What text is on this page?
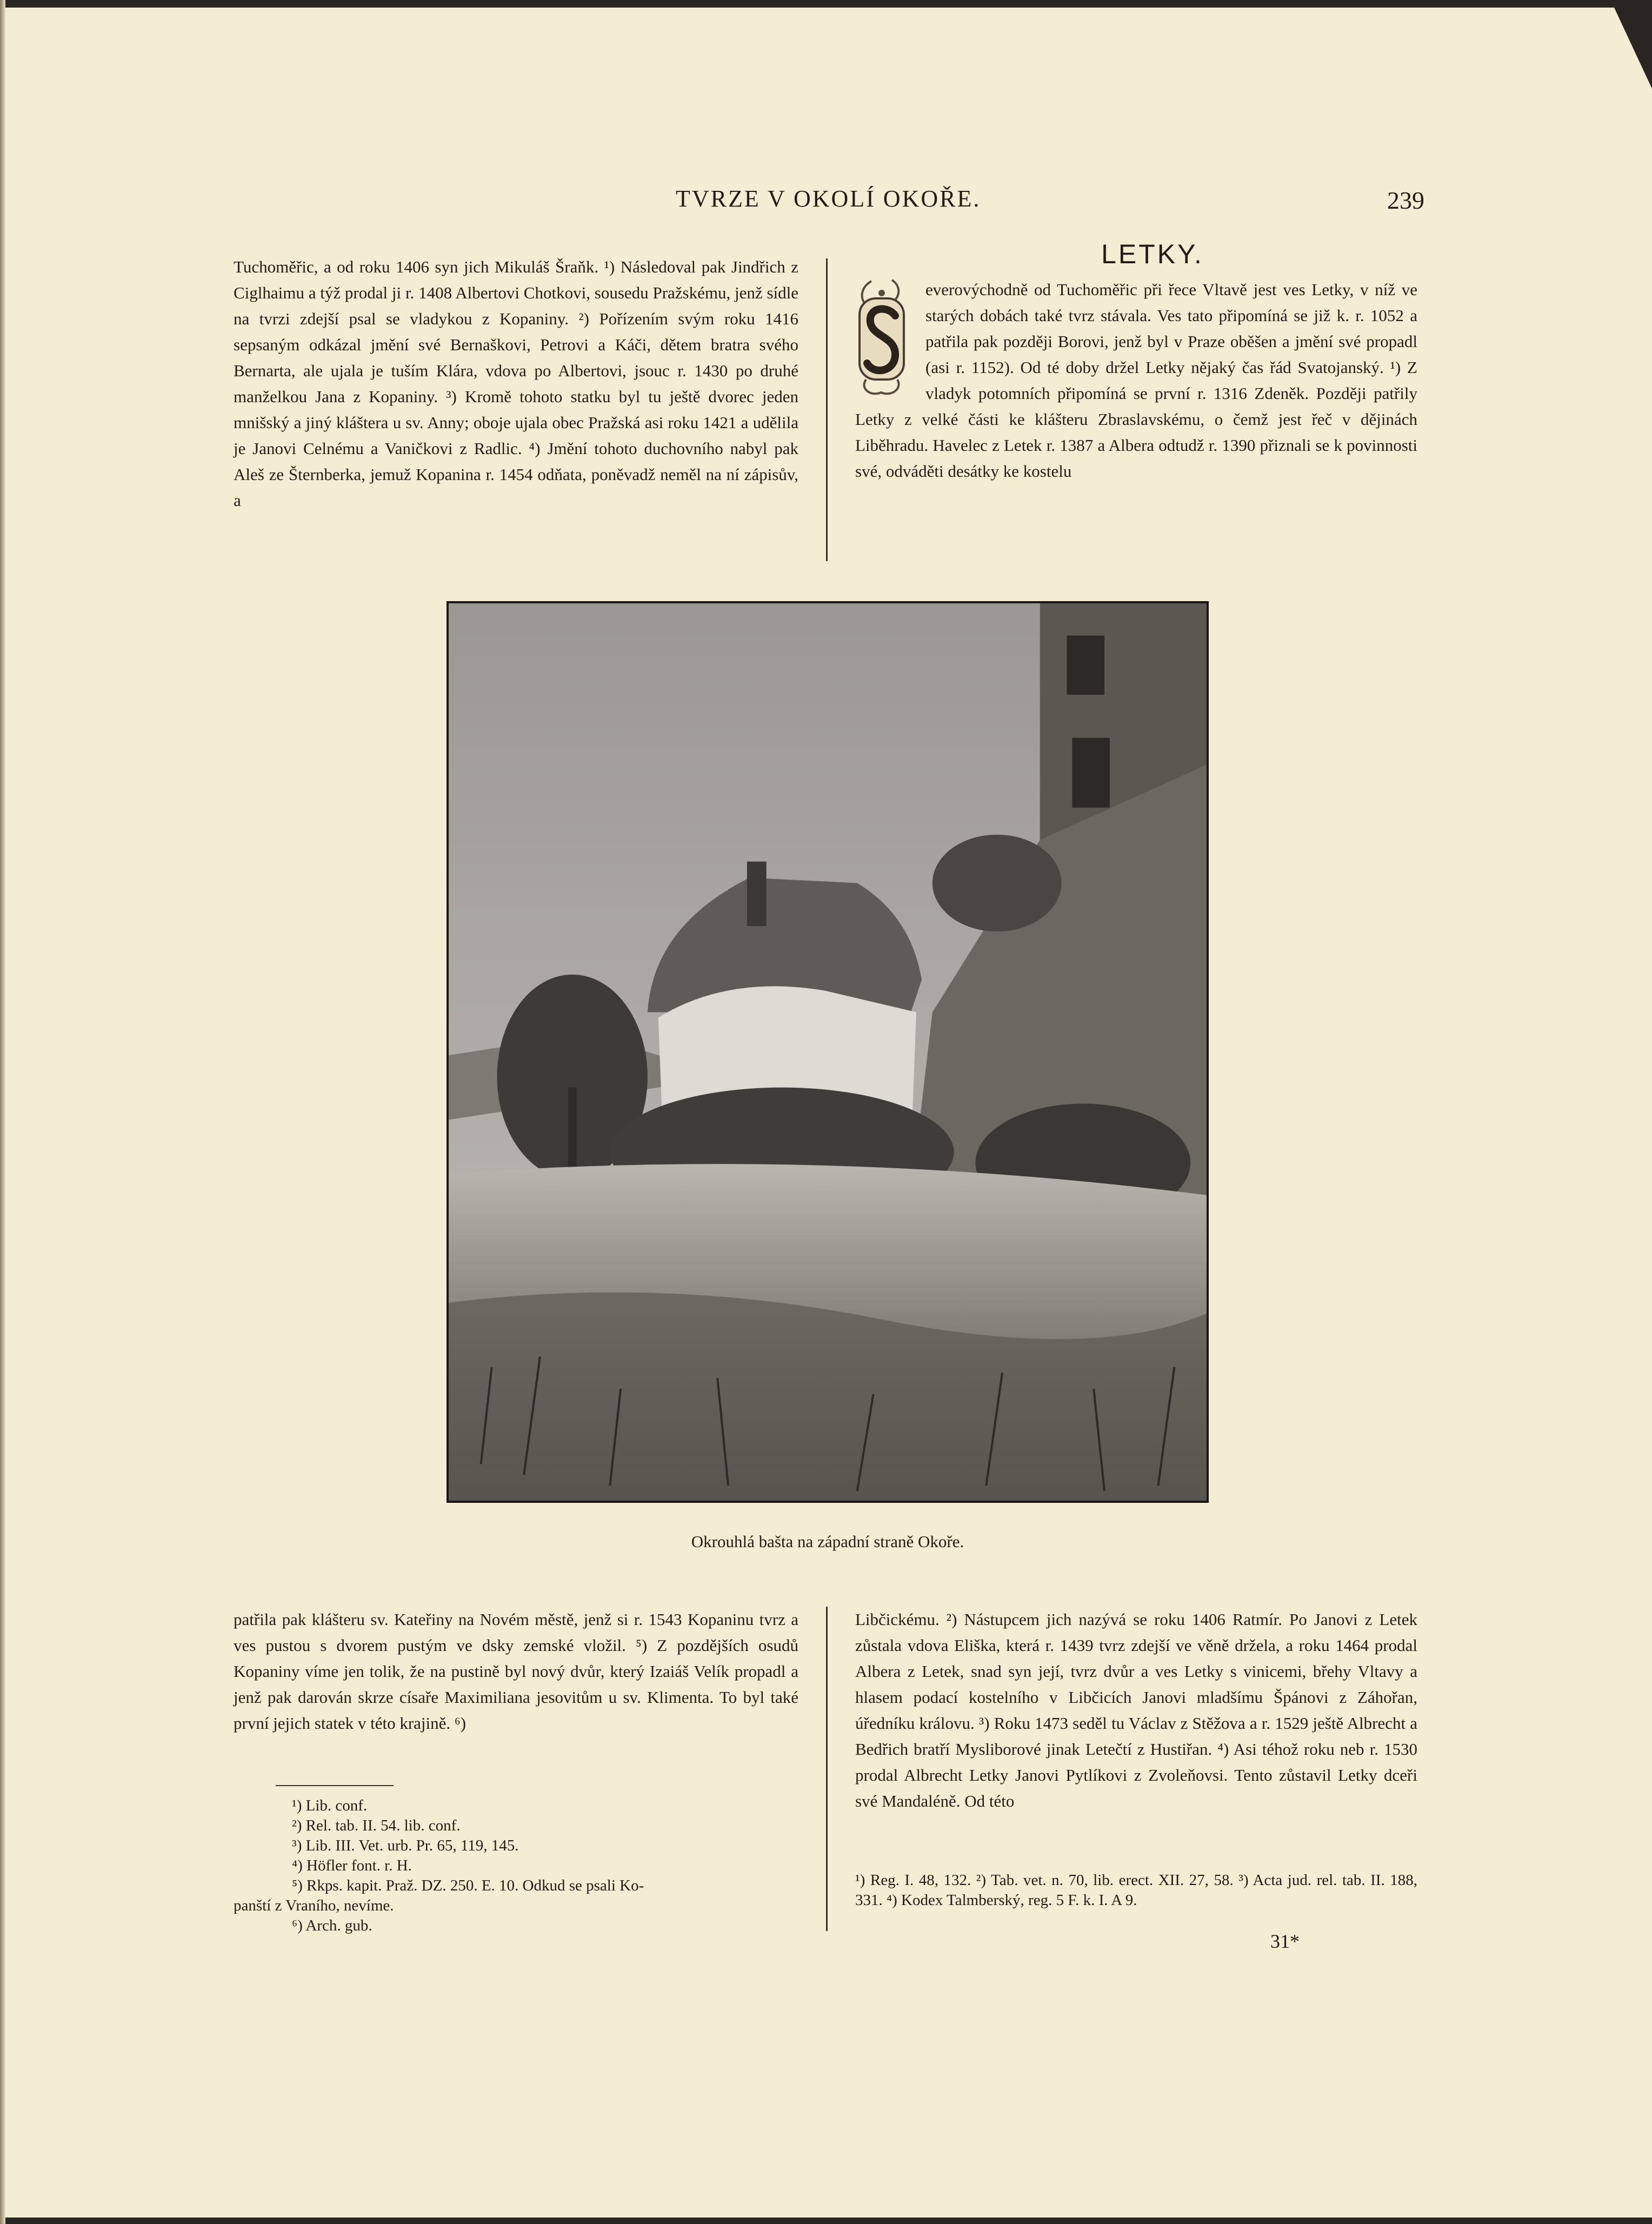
TVRZE V OKOLÍ OKOŘE.	239

Tuchoměřic, a od roku 1406 syn jich Mikuláš Šraňk. ¹) Následoval pak Jindřich z Ciglhaimu a týž prodal ji r. 1408 Albertovi Chotkovi, sousedu Pražskému, jenž sídle na tvrzi zdejší psal se vladykou z Kopaniny. ²) Pořízením svým roku 1416 sepsaným odkázal jmění své Bernaškovi, Petrovi a Káči, dětem bratra svého Bernarta, ale ujala je tuším Klára, vdova po Albertovi, jsouc r. 1430 po druhé manželkou Jana z Kopaniny. ³) Kromě tohoto statku byl tu ještě dvorec jeden mnišský a jiný kláštera u sv. Anny; oboje ujala obec Pražská asi roku 1421 a udělila je Janovi Celnému a Vaničkovi z Radlic. ⁴) Jmění tohoto duchovního nabyl pak Aleš ze Šternberka, jemuž Kopanina r. 1454 odňata, poněvadž neměl na ní zápisův, a

LETKY.

everovýchodně od Tuchoměřic při řece Vltavě jest ves Letky, v níž ve starých dobách také tvrz stávala. Ves tato připomíná se již k. r. 1052 a patřila pak později Borovi, jenž byl v Praze oběšen a jmění své propadl (asi r. 1152). Od té doby držel Letky nějaký čas řád Svatojanský. ¹) Z vladyk potomních připomíná se první r. 1316 Zdeněk. Později patřily Letky z velké části ke klášteru Zbraslavskému, o čemž jest řeč v dějinách Liběhradu. Havelec z Letek r. 1387 a Albera odtudž r. 1390 přiznali se k povinnosti své, odváděti desátky ke kostelu

Okrouhlá bašta na západní straně Okoře.

patřila pak klášteru sv. Kateřiny na Novém městě, jenž si r. 1543 Kopaninu tvrz a ves pustou s dvorem pustým ve dsky zemské vložil. ⁵) Z pozdějších osudů Kopaniny víme jen tolik, že na pustině byl nový dvůr, který Izaiáš Velík propadl a jenž pak darován skrze císaře Maximiliana jesovitům u sv. Klimenta. To byl také první jejich statek v této krajině. ⁶)

Libčickému. ²) Nástupcem jich nazývá se roku 1406 Ratmír. Po Janovi z Letek zůstala vdova Eliška, která r. 1439 tvrz zdejší ve věně držela, a roku 1464 prodal Albera z Letek, snad syn její, tvrz dvůr a ves Letky s vinicemi, břehy Vltavy a hlasem podací kostelního v Libčicích Janovi mladšímu Špánovi z Záhořan, úředníku královu. ³) Roku 1473 seděl tu Václav z Stěžova a r. 1529 ještě Albrecht a Bedřich bratří Mysliborové jinak Letečtí z Hustiřan. ⁴) Asi téhož roku neb r. 1530 prodal Albrecht Letky Janovi Pytlíkovi z Zvoleňovsi. Tento zůstavil Letky dceři své Mandaléně. Od této

¹) Lib. conf.
²) Rel. tab. II. 54. lib. conf.
³) Lib. III. Vet. urb. Pr. 65, 119, 145.
⁴) Höfler font. r. H.
⁵) Rkps. kapit. Praž. DZ. 250. E. 10. Odkud se psali Ko-
panští z Vraního, nevíme.
⁶) Arch. gub.
¹) Reg. I. 48, 132. ²) Tab. vet. n. 70, lib. erect. XII. 27, 58. ³) Acta jud. rel. tab. II. 188, 331. ⁴) Kodex Talmberský, reg. 5 F. k. I. A 9.
31*
